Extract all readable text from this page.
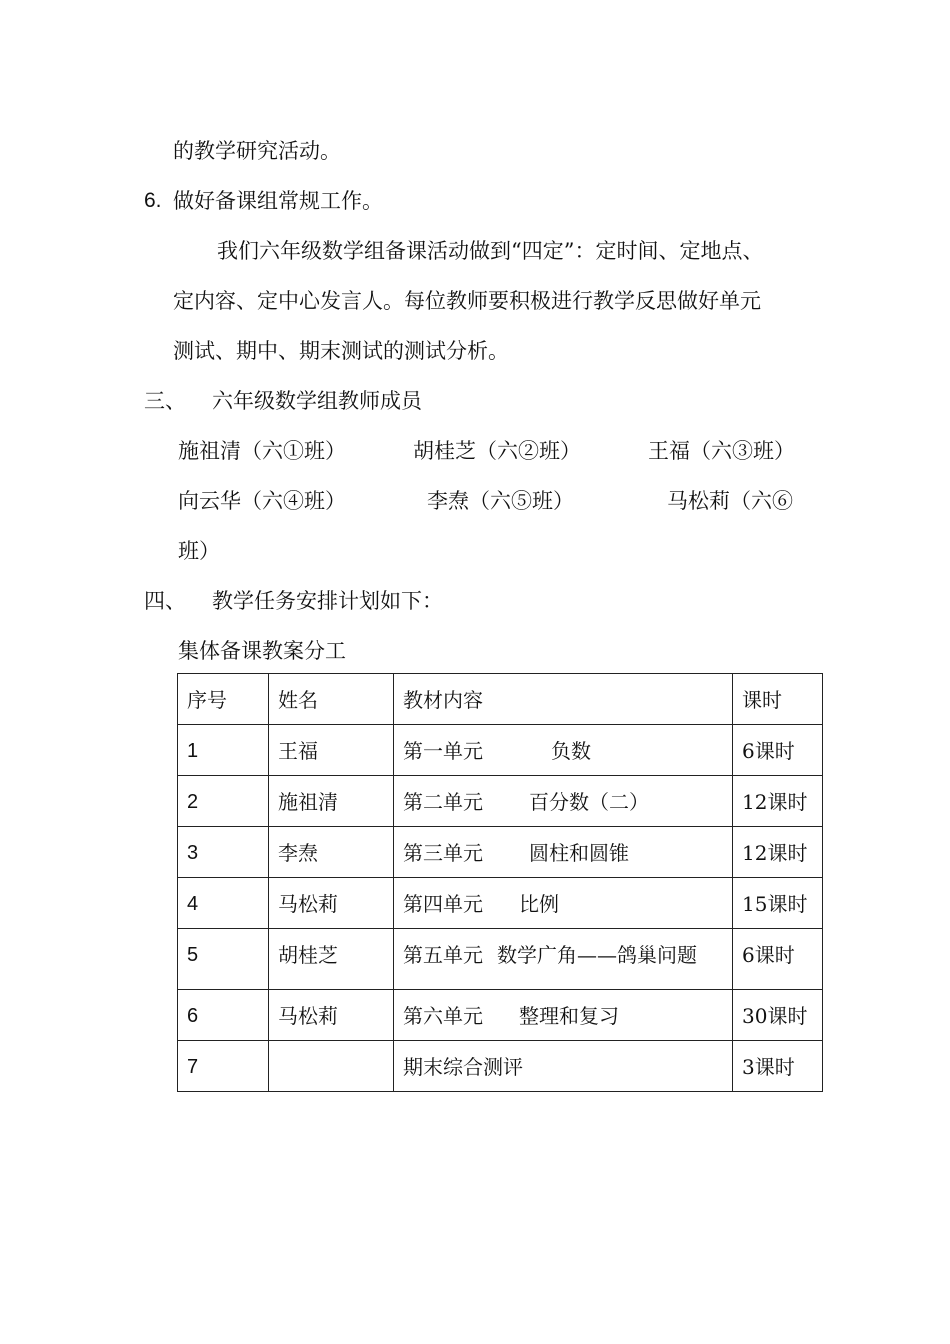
的教学研究活动。
6. 做好备课组常规工作。
我们六年级数学组备课活动做到“四定”：定时间、定地点、
定内容、定中心发言人。每位教师要积极进行教学反思做好单元
测试、期中、期末测试的测试分析。
三、 六年级数学组教师成员
施祖清（六①班）	胡桂芝（六②班）	王福（六③班）
向云华（六④班）	李焘（六⑤班）	马松莉（六⑥
班）
四、 教学任务安排计划如下：
集体备课教案分工
序号	姓名	教材内容	课时
1	王福	第一单元 负数	6课时
2	施祖清	第二单元 百分数（二）	12课时
3	李焘	第三单元 圆柱和圆锥	12课时
4	马松莉	第四单元 比例	15课时
5	胡桂芝	第五单元 数学广角——鸽巢问题	6课时
6	马松莉	第六单元 整理和复习	30课时
7		期末综合测评	3课时
